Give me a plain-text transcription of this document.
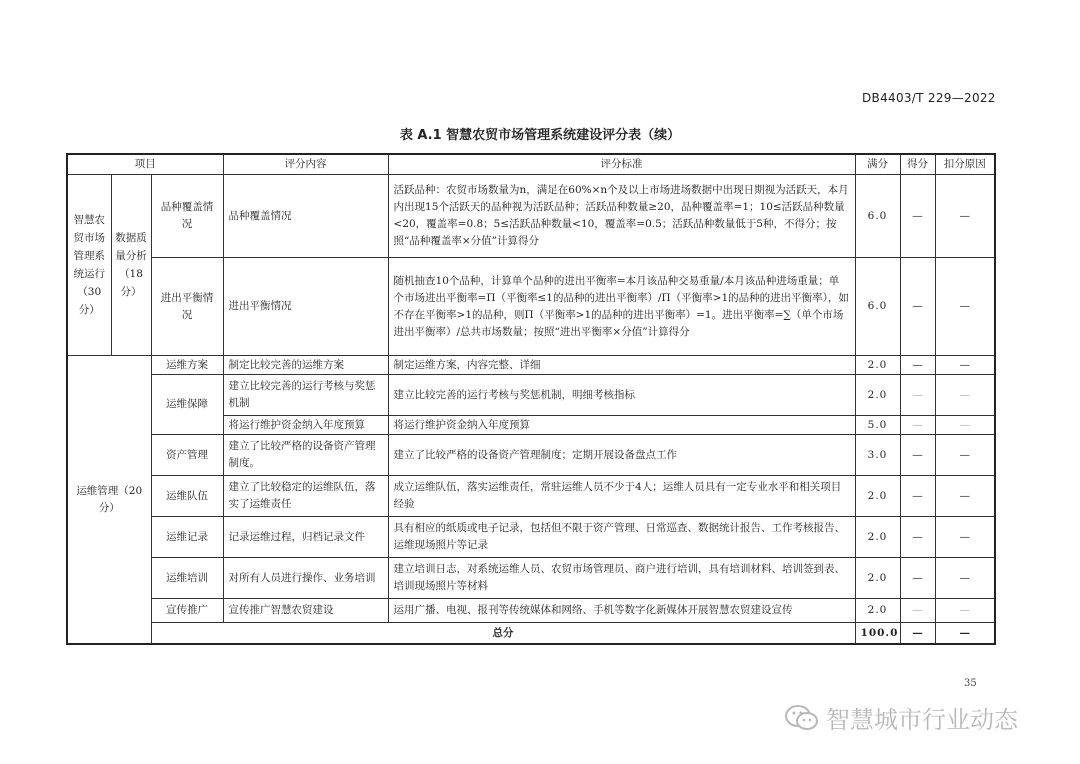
DB4403/T 229—2022
表 A.1 智慧农贸市场管理系统建设评分表（续）
项目			评分内容	评分标准	满分	得分	扣分原因
智慧农贸市场管理系统运行（30分）	数据质量分析（18分）	品种覆盖情况	品种覆盖情况	活跃品种：农贸市场数量为n，满足在60%×n个及以上市场进场数据中出现日期视为活跃天，本月内出现15个活跃天的品种视为活跃品种；活跃品种数量≥20，品种覆盖率=1；10≤活跃品种数量<20，覆盖率=0.8；5≤活跃品种数量<10，覆盖率=0.5；活跃品种数量低于5种，不得分；按照“品种覆盖率×分值”计算得分	6.0	—	—
		进出平衡情况	进出平衡情况	随机抽查10个品种，计算单个品种的进出平衡率=本月该品种交易重量/本月该品种进场重量；单个市场进出平衡率=Π（平衡率≤1的品种的进出平衡率）/Π（平衡率>1的品种的进出平衡率），如不存在平衡率>1的品种，则Π（平衡率>1的品种的进出平衡率）=1。进出平衡率=∑（单个市场进出平衡率）/总共市场数量；按照“进出平衡率×分值”计算得分	6.0	—	—
运维管理（20分）		运维方案	制定比较完善的运维方案	制定运维方案，内容完整、详细	2.0	—	—
		运维保障	建立比较完善的运行考核与奖惩机制	建立比较完善的运行考核与奖惩机制，明细考核指标	2.0	—	—
			将运行维护资金纳入年度预算	将运行维护资金纳入年度预算	5.0	—	—
		资产管理	建立了比较严格的设备资产管理制度。	建立了比较严格的设备资产管理制度；定期开展设备盘点工作	3.0	—	—
		运维队伍	建立了比较稳定的运维队伍，落实了运维责任	成立运维队伍，落实运维责任，常驻运维人员不少于4人；运维人员具有一定专业水平和相关项目经验	2.0	—	—
		运维记录	记录运维过程，归档记录文件	具有相应的纸质或电子记录，包括但不限于资产管理、日常巡查、数据统计报告、工作考核报告、运维现场照片等记录	2.0	—	—
		运维培训	对所有人员进行操作、业务培训	建立培训日志，对系统运维人员、农贸市场管理员、商户进行培训，具有培训材料、培训签到表、培训现场照片等材料	2.0	—	—
		宣传推广	宣传推广智慧农贸建设	运用广播、电视、报刊等传统媒体和网络、手机等数字化新媒体开展智慧农贸建设宣传	2.0	—	—
		总分			100.0	—	—
35
智慧城市行业动态
